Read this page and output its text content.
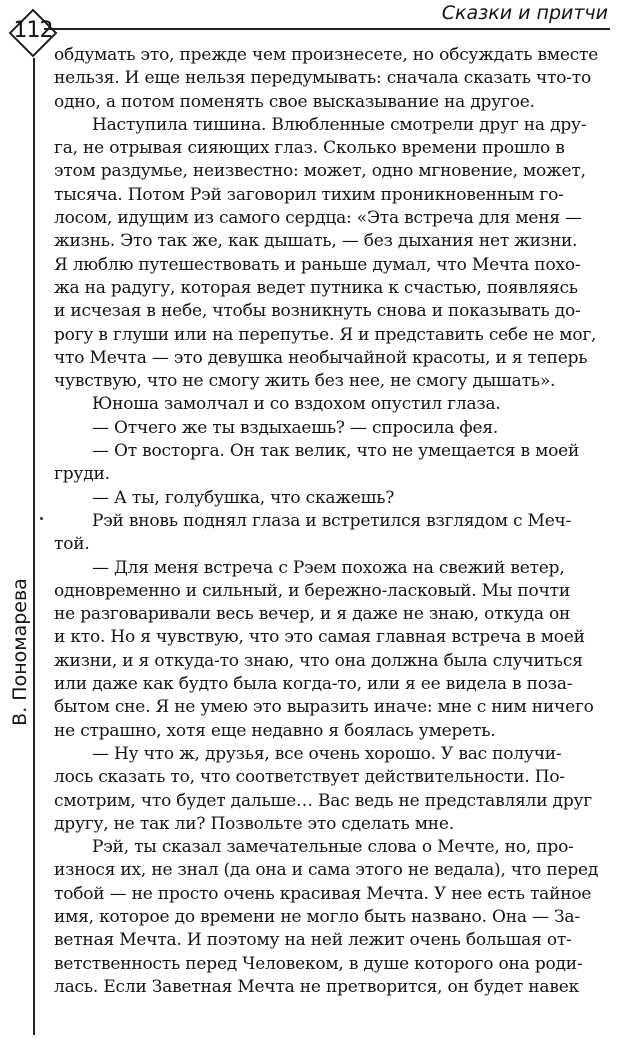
112
Сказки и притчи
В. Пономарева
обдумать это, прежде чем произнесете, но обсуждать вместе
нельзя. И еще нельзя передумывать: сначала сказать что-то
одно, а потом поменять свое высказывание на другое.
Наступила тишина. Влюбленные смотрели друг на дру-
га, не отрывая сияющих глаз. Сколько времени прошло в
этом раздумье, неизвестно: может, одно мгновение, может,
тысяча. Потом Рэй заговорил тихим проникновенным го-
лосом, идущим из самого сердца: «Эта встреча для меня —
жизнь. Это так же, как дышать, — без дыхания нет жизни.
Я люблю путешествовать и раньше думал, что Мечта похо-
жа на радугу, которая ведет путника к счастью, появляясь
и исчезая в небе, чтобы возникнуть снова и показывать до-
рогу в глуши или на перепутье. Я и представить себе не мог,
что Мечта — это девушка необычайной красоты, и я теперь
чувствую, что не смогу жить без нее, не смогу дышать».
Юноша замолчал и со вздохом опустил глаза.
— Отчего же ты вздыхаешь? — спросила фея.
— От восторга. Он так велик, что не умещается в моей
груди.
— А ты, голубушка, что скажешь?
Рэй вновь поднял глаза и встретился взглядом с Меч-
той.
— Для меня встреча с Рэем похожа на свежий ветер,
одновременно и сильный, и бережно-ласковый. Мы почти
не разговаривали весь вечер, и я даже не знаю, откуда он
и кто. Но я чувствую, что это самая главная встреча в моей
жизни, и я откуда-то знаю, что она должна была случиться
или даже как будто была когда-то, или я ее видела в поза-
бытом сне. Я не умею это выразить иначе: мне с ним ничего
не страшно, хотя еще недавно я боялась умереть.
— Ну что ж, друзья, все очень хорошо. У вас получи-
лось сказать то, что соответствует действительности. По-
смотрим, что будет дальше… Вас ведь не представляли друг
другу, не так ли? Позвольте это сделать мне.
Рэй, ты сказал замечательные слова о Мечте, но, про-
износя их, не знал (да она и сама этого не ведала), что перед
тобой — не просто очень красивая Мечта. У нее есть тайное
имя, которое до времени не могло быть названо. Она — За-
ветная Мечта. И поэтому на ней лежит очень большая от-
ветственность перед Человеком, в душе которого она роди-
лась. Если Заветная Мечта не претворится, он будет навек
